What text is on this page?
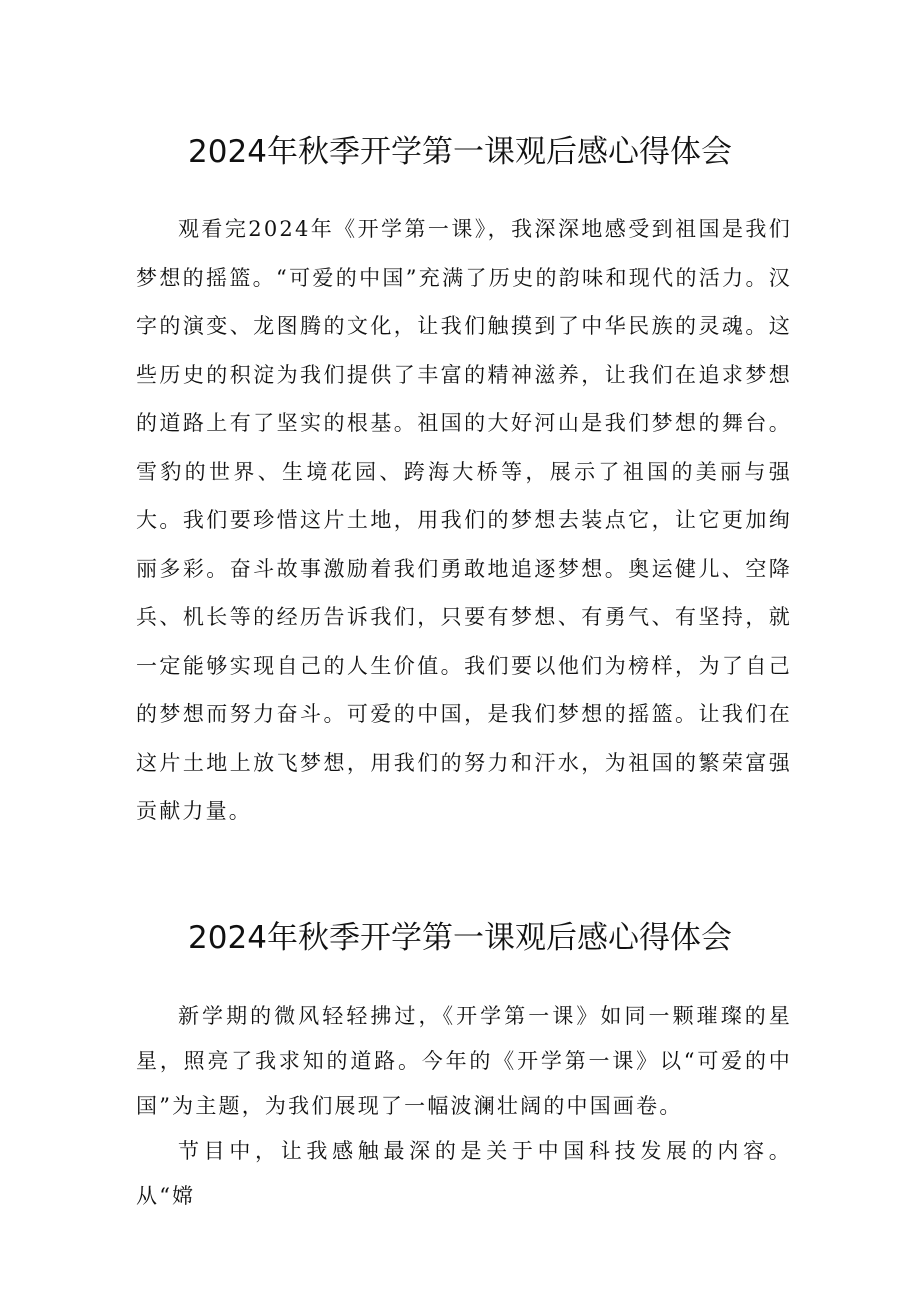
2024年秋季开学第一课观后感心得体会

观看完2024年《开学第一课》，我深深地感受到祖国是我们梦想的摇篮。“可爱的中国”充满了历史的韵味和现代的活力。汉字的演变、龙图腾的文化，让我们触摸到了中华民族的灵魂。这些历史的积淀为我们提供了丰富的精神滋养，让我们在追求梦想的道路上有了坚实的根基。祖国的大好河山是我们梦想的舞台。雪豹的世界、生境花园、跨海大桥等，展示了祖国的美丽与强大。我们要珍惜这片土地，用我们的梦想去装点它，让它更加绚丽多彩。奋斗故事激励着我们勇敢地追逐梦想。奥运健儿、空降兵、机长等的经历告诉我们，只要有梦想、有勇气、有坚持，就一定能够实现自己的人生价值。我们要以他们为榜样，为了自己的梦想而努力奋斗。可爱的中国，是我们梦想的摇篮。让我们在这片土地上放飞梦想，用我们的努力和汗水，为祖国的繁荣富强贡献力量。

2024年秋季开学第一课观后感心得体会

新学期的微风轻轻拂过，《开学第一课》如同一颗璀璨的星星，照亮了我求知的道路。今年的《开学第一课》以“可爱的中国”为主题，为我们展现了一幅波澜壮阔的中国画卷。

节目中，让我感触最深的是关于中国科技发展的内容。从“嫦
